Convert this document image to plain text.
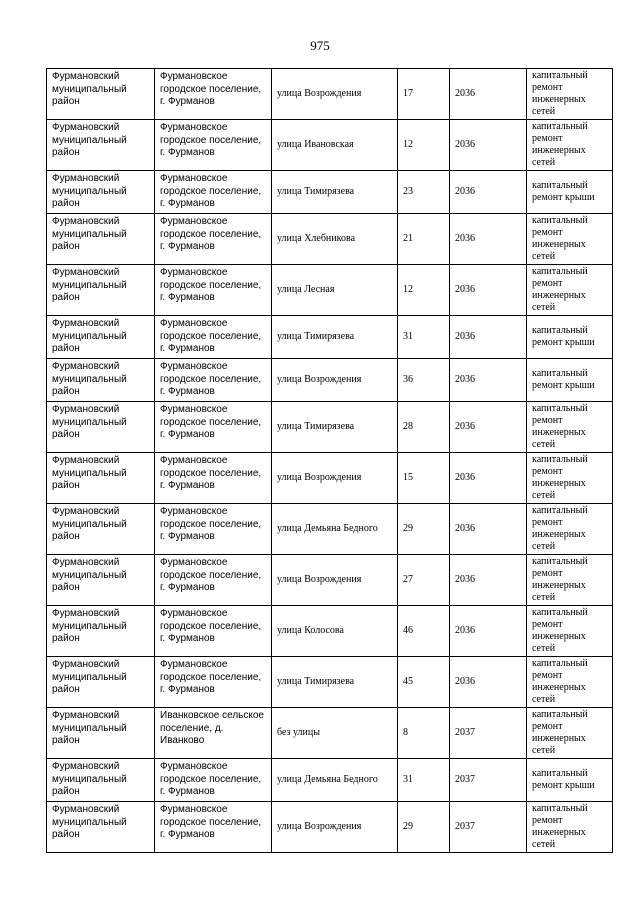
975
Фурмановский муниципальный район	Фурмановское городское поселение, г. Фурманов	улица Возрождения	17	2036	капитальный ремонт инженерных сетей
Фурмановский муниципальный район	Фурмановское городское поселение, г. Фурманов	улица Ивановская	12	2036	капитальный ремонт инженерных сетей
Фурмановский муниципальный район	Фурмановское городское поселение, г. Фурманов	улица Тимирязева	23	2036	капитальный ремонт крыши
Фурмановский муниципальный район	Фурмановское городское поселение, г. Фурманов	улица Хлебникова	21	2036	капитальный ремонт инженерных сетей
Фурмановский муниципальный район	Фурмановское городское поселение, г. Фурманов	улица Лесная	12	2036	капитальный ремонт инженерных сетей
Фурмановский муниципальный район	Фурмановское городское поселение, г. Фурманов	улица Тимирязева	31	2036	капитальный ремонт крыши
Фурмановский муниципальный район	Фурмановское городское поселение, г. Фурманов	улица Возрождения	36	2036	капитальный ремонт крыши
Фурмановский муниципальный район	Фурмановское городское поселение, г. Фурманов	улица Тимирязева	28	2036	капитальный ремонт инженерных сетей
Фурмановский муниципальный район	Фурмановское городское поселение, г. Фурманов	улица Возрождения	15	2036	капитальный ремонт инженерных сетей
Фурмановский муниципальный район	Фурмановское городское поселение, г. Фурманов	улица Демьяна Бедного	29	2036	капитальный ремонт инженерных сетей
Фурмановский муниципальный район	Фурмановское городское поселение, г. Фурманов	улица Возрождения	27	2036	капитальный ремонт инженерных сетей
Фурмановский муниципальный район	Фурмановское городское поселение, г. Фурманов	улица Колосова	46	2036	капитальный ремонт инженерных сетей
Фурмановский муниципальный район	Фурмановское городское поселение, г. Фурманов	улица Тимирязева	45	2036	капитальный ремонт инженерных сетей
Фурмановский муниципальный район	Иванковское сельское поселение, д. Иванково	без улицы	8	2037	капитальный ремонт инженерных сетей
Фурмановский муниципальный район	Фурмановское городское поселение, г. Фурманов	улица Демьяна Бедного	31	2037	капитальный ремонт крыши
Фурмановский муниципальный район	Фурмановское городское поселение, г. Фурманов	улица Возрождения	29	2037	капитальный ремонт инженерных сетей
